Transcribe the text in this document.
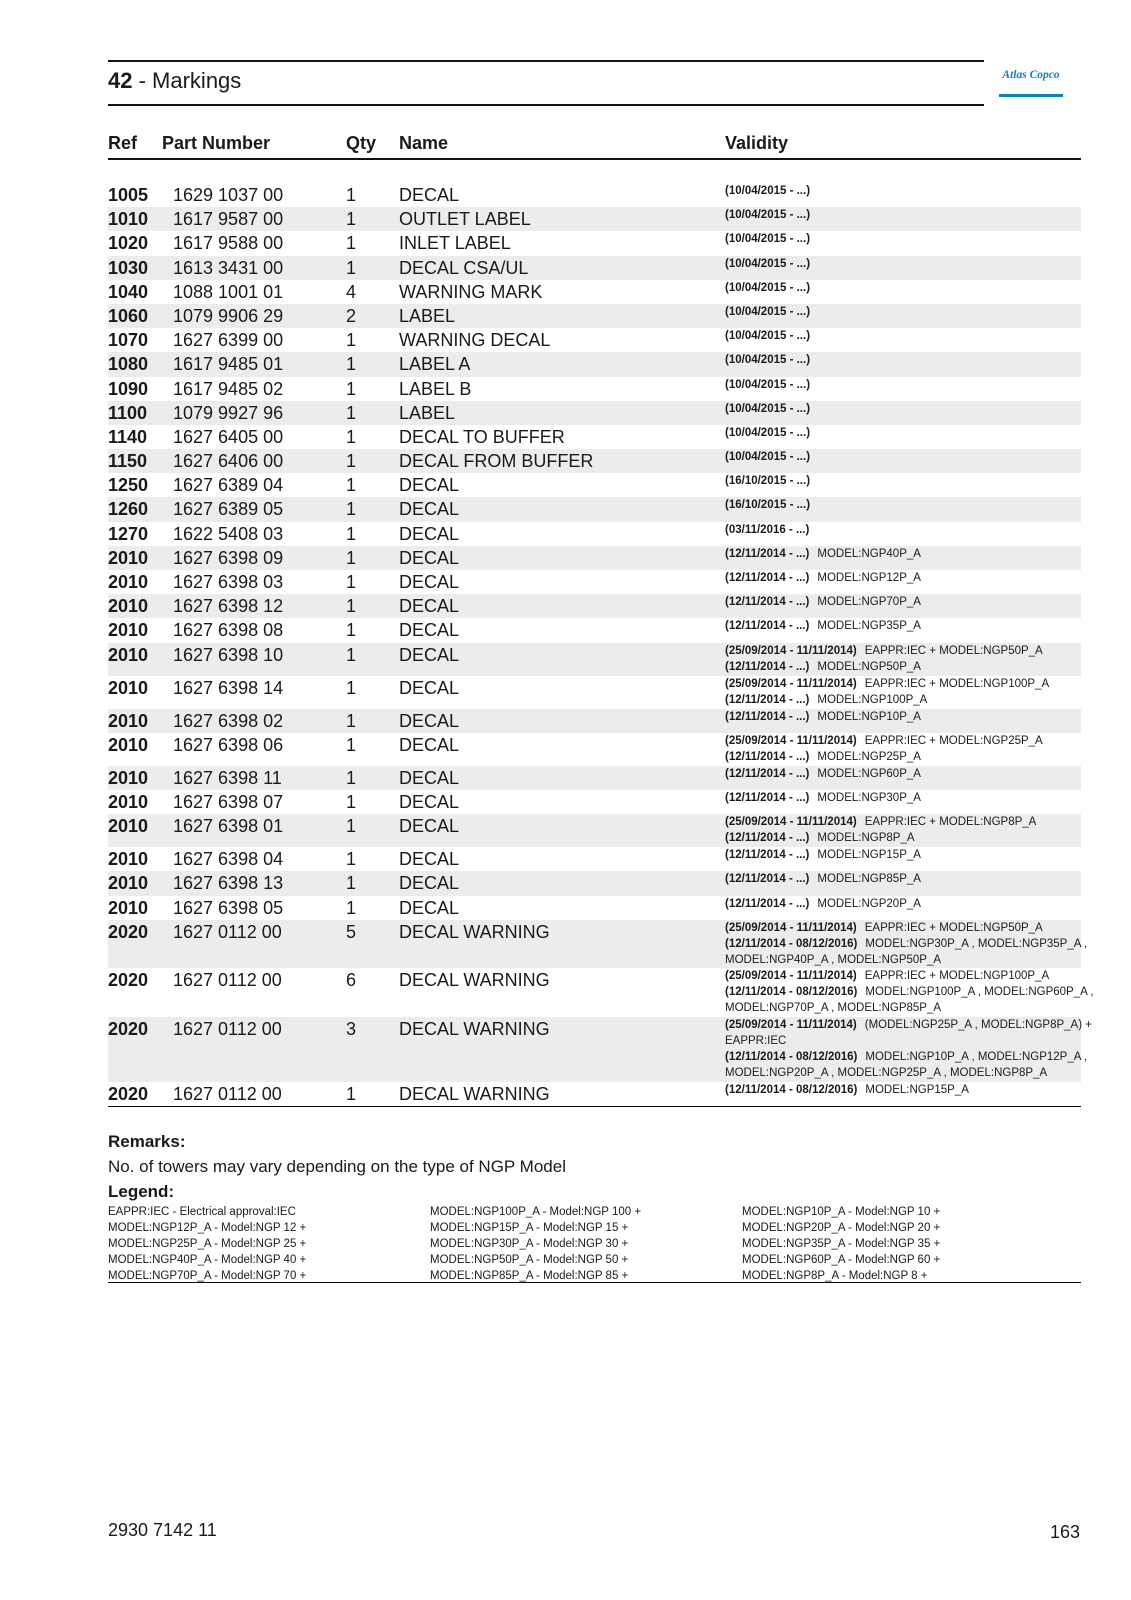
42 - Markings	Atlas Copco
Ref Part Number	Qty Name	Validity
1005 1629 1037 00	1 DECAL	(10/04/2015 - ...)
1010 1617 9587 00	1 OUTLET LABEL	(10/04/2015 - ...)
1020 1617 9588 00	1 INLET LABEL	(10/04/2015 - ...)
1030 1613 3431 00	1 DECAL CSA/UL	(10/04/2015 - ...)
1040 1088 1001 01	4 WARNING MARK	(10/04/2015 - ...)
1060 1079 9906 29	2 LABEL	(10/04/2015 - ...)
1070 1627 6399 00	1 WARNING DECAL	(10/04/2015 - ...)
1080 1617 9485 01	1 LABEL A	(10/04/2015 - ...)
1090 1617 9485 02	1 LABEL B	(10/04/2015 - ...)
1100 1079 9927 96	1 LABEL	(10/04/2015 - ...)
1140 1627 6405 00	1 DECAL TO BUFFER	(10/04/2015 - ...)
1150 1627 6406 00	1 DECAL FROM BUFFER	(10/04/2015 - ...)
1250 1627 6389 04	1 DECAL	(16/10/2015 - ...)
1260 1627 6389 05	1 DECAL	(16/10/2015 - ...)
1270 1622 5408 03	1 DECAL	(03/11/2016 - ...)
2010 1627 6398 09	1 DECAL	(12/11/2014 - ...) MODEL:NGP40P_A
2010 1627 6398 03	1 DECAL	(12/11/2014 - ...) MODEL:NGP12P_A
2010 1627 6398 12	1 DECAL	(12/11/2014 - ...) MODEL:NGP70P_A
2010 1627 6398 08	1 DECAL	(12/11/2014 - ...) MODEL:NGP35P_A
2010 1627 6398 10	1 DECAL	(25/09/2014 - 11/11/2014) EAPPR:IEC + MODEL:NGP50P_A
(12/11/2014 - ...) MODEL:NGP50P_A
2010 1627 6398 14	1 DECAL	(25/09/2014 - 11/11/2014) EAPPR:IEC + MODEL:NGP100P_A
(12/11/2014 - ...) MODEL:NGP100P_A
2010 1627 6398 02	1 DECAL	(12/11/2014 - ...) MODEL:NGP10P_A
2010 1627 6398 06	1 DECAL	(25/09/2014 - 11/11/2014) EAPPR:IEC + MODEL:NGP25P_A
(12/11/2014 - ...) MODEL:NGP25P_A
2010 1627 6398 11	1 DECAL	(12/11/2014 - ...) MODEL:NGP60P_A
2010 1627 6398 07	1 DECAL	(12/11/2014 - ...) MODEL:NGP30P_A
2010 1627 6398 01	1 DECAL	(25/09/2014 - 11/11/2014) EAPPR:IEC + MODEL:NGP8P_A
(12/11/2014 - ...) MODEL:NGP8P_A
2010 1627 6398 04	1 DECAL	(12/11/2014 - ...) MODEL:NGP15P_A
2010 1627 6398 13	1 DECAL	(12/11/2014 - ...) MODEL:NGP85P_A
2010 1627 6398 05	1 DECAL	(12/11/2014 - ...) MODEL:NGP20P_A
2020 1627 0112 00	5 DECAL WARNING	(25/09/2014 - 11/11/2014) EAPPR:IEC + MODEL:NGP50P_A
(12/11/2014 - 08/12/2016) MODEL:NGP30P_A , MODEL:NGP35P_A ,
MODEL:NGP40P_A , MODEL:NGP50P_A
2020 1627 0112 00	6 DECAL WARNING	(25/09/2014 - 11/11/2014) EAPPR:IEC + MODEL:NGP100P_A
(12/11/2014 - 08/12/2016) MODEL:NGP100P_A , MODEL:NGP60P_A ,
MODEL:NGP70P_A , MODEL:NGP85P_A
2020 1627 0112 00	3 DECAL WARNING	(25/09/2014 - 11/11/2014) (MODEL:NGP25P_A , MODEL:NGP8P_A) +
EAPPR:IEC
(12/11/2014 - 08/12/2016) MODEL:NGP10P_A , MODEL:NGP12P_A ,
MODEL:NGP20P_A , MODEL:NGP25P_A , MODEL:NGP8P_A
2020 1627 0112 00	1 DECAL WARNING	(12/11/2014 - 08/12/2016) MODEL:NGP15P_A
Remarks:
No. of towers may vary depending on the type of NGP Model
Legend:
EAPPR:IEC - Electrical approval:IEC
MODEL:NGP12P_A - Model:NGP 12 +
MODEL:NGP25P_A - Model:NGP 25 +
MODEL:NGP40P_A - Model:NGP 40 +
MODEL:NGP70P_A - Model:NGP 70 +
MODEL:NGP100P_A - Model:NGP 100 +
MODEL:NGP15P_A - Model:NGP 15 +
MODEL:NGP30P_A - Model:NGP 30 +
MODEL:NGP50P_A - Model:NGP 50 +
MODEL:NGP85P_A - Model:NGP 85 +
MODEL:NGP10P_A - Model:NGP 10 +
MODEL:NGP20P_A - Model:NGP 20 +
MODEL:NGP35P_A - Model:NGP 35 +
MODEL:NGP60P_A - Model:NGP 60 +
MODEL:NGP8P_A - Model:NGP 8 +
2930 7142 11	163
